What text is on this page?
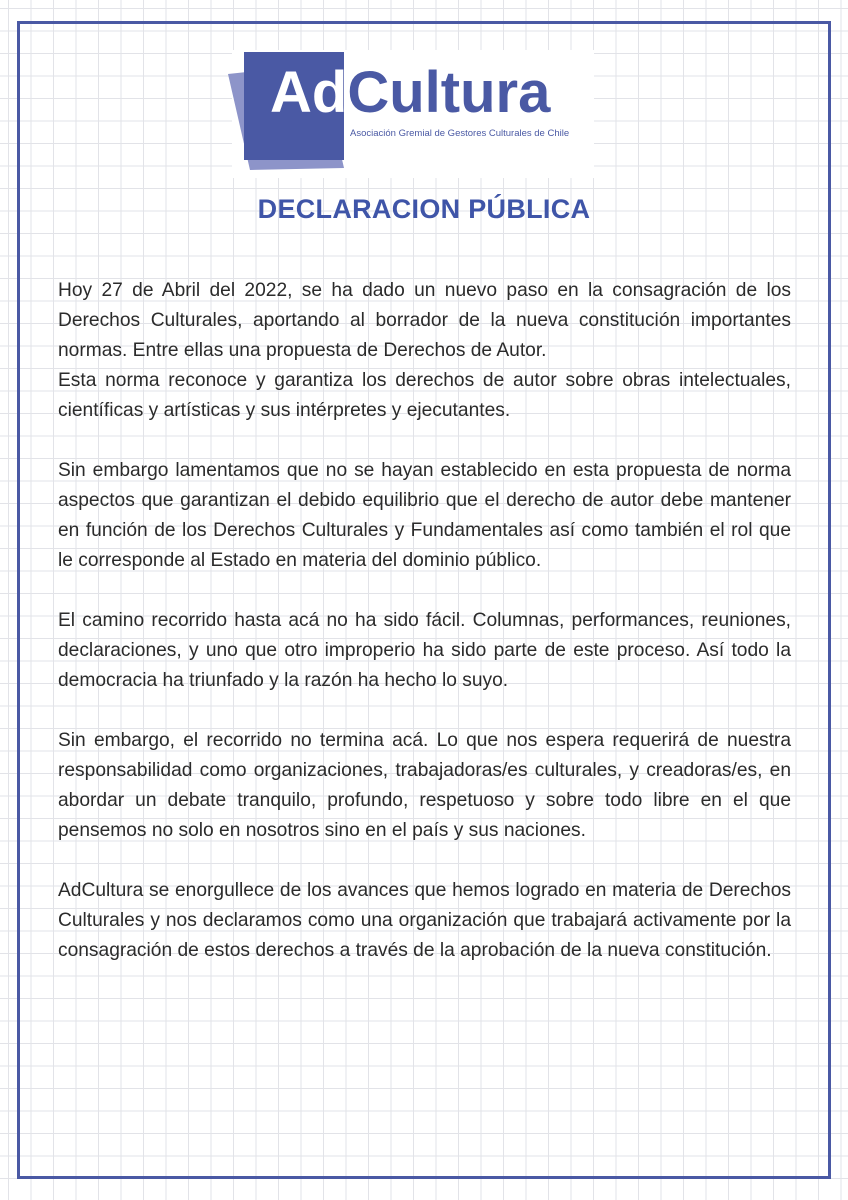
AdCultura
Asociación Gremial de Gestores Culturales de Chile
DECLARACION PÚBLICA

Hoy 27 de Abril del 2022, se ha dado un nuevo paso en la consagración de los Derechos Culturales, aportando al borrador de la nueva constitución importantes normas. Entre ellas una propuesta de Derechos de Autor.
Esta norma reconoce y garantiza los derechos de autor sobre obras intelectuales, científicas y artísticas y sus intérpretes y ejecutantes.

Sin embargo lamentamos que no se hayan establecido en esta propuesta de norma aspectos que garantizan el debido equilibrio que el derecho de autor debe mantener en función de los Derechos Culturales y Fundamentales así como también el rol que le corresponde al Estado en materia del dominio público.

El camino recorrido hasta acá no ha sido fácil. Columnas, performances, reuniones, declaraciones, y uno que otro improperio ha sido parte de este proceso. Así todo la democracia ha triunfado y la razón ha hecho lo suyo.

Sin embargo, el recorrido no termina acá. Lo que nos espera requerirá de nuestra responsabilidad como organizaciones, trabajadoras/es culturales, y creadoras/es, en abordar un debate tranquilo, profundo, respetuoso y sobre todo libre en el que pensemos no solo en nosotros sino en el país y sus naciones.

AdCultura se enorgullece de los avances que hemos logrado en materia de Derechos Culturales y nos declaramos como una organización que trabajará activamente por la consagración de estos derechos a través de la aprobación de la nueva constitución.
